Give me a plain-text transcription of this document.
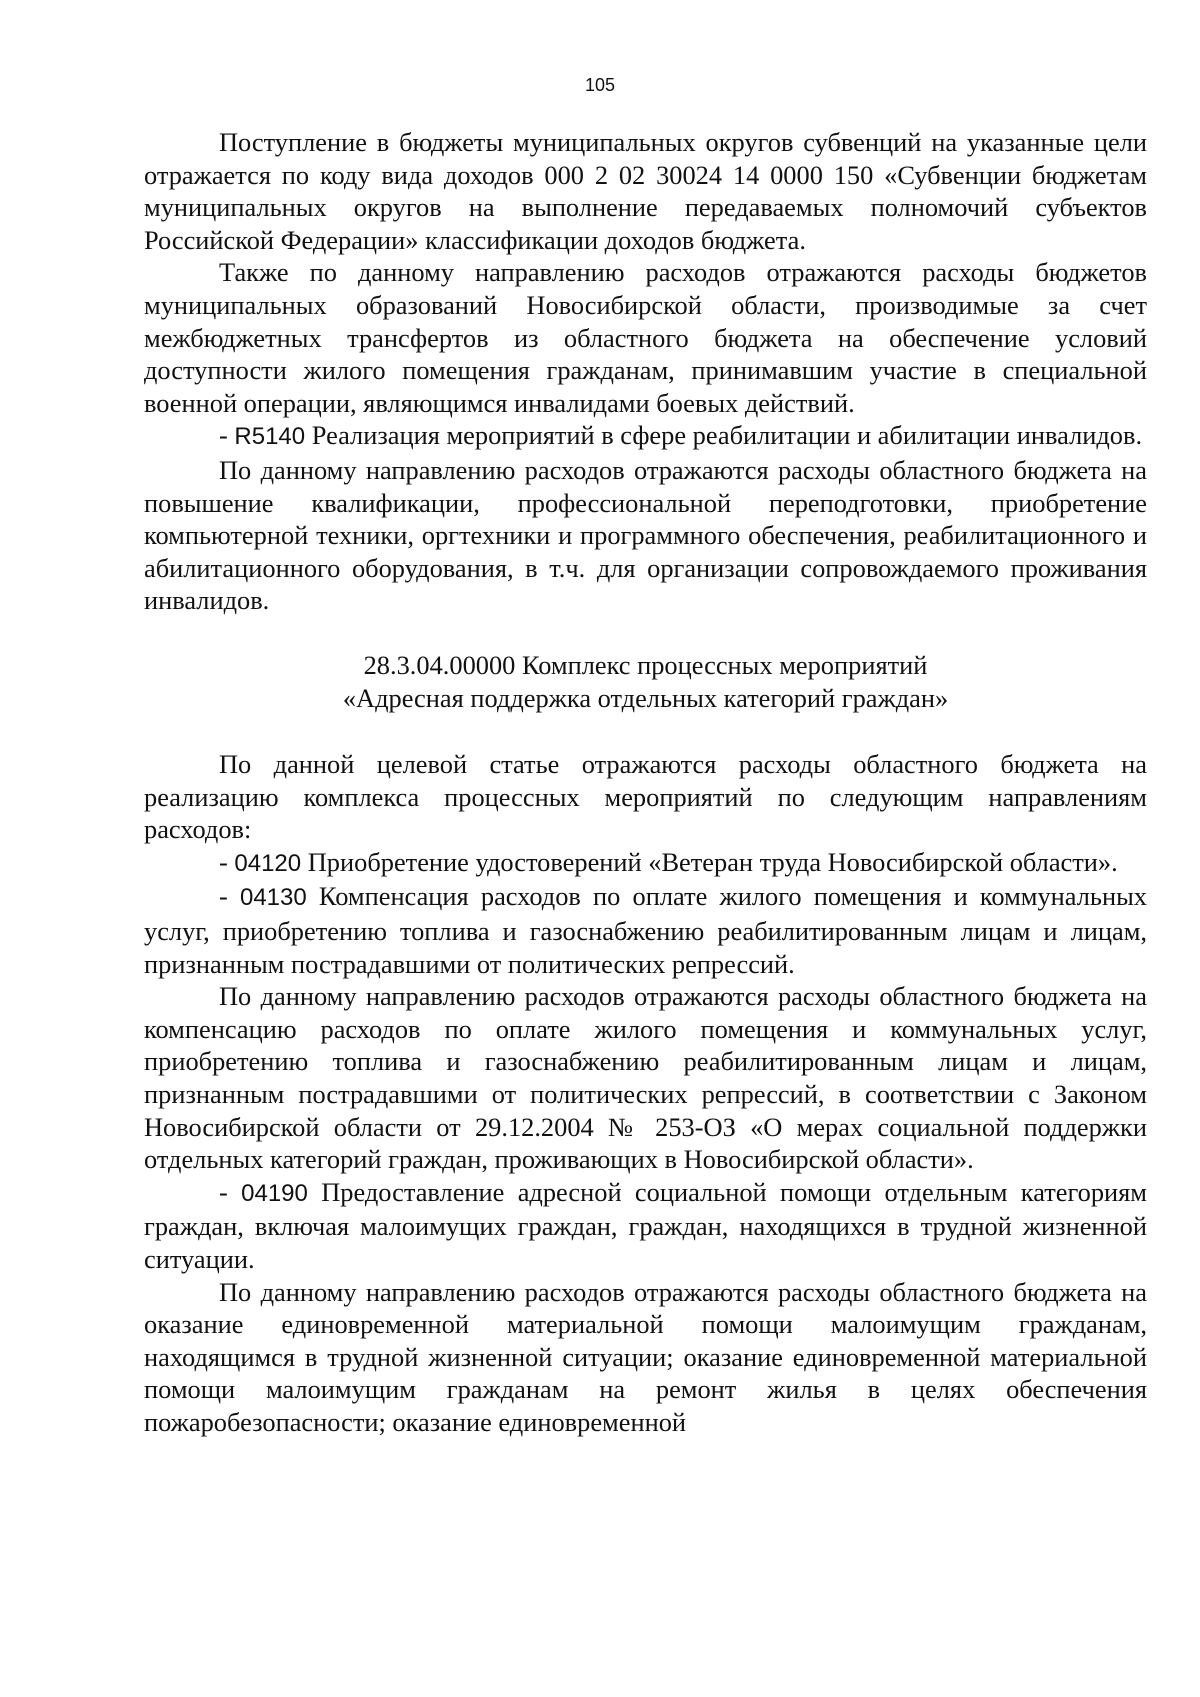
105

Поступление в бюджеты муниципальных округов субвенций на указанные цели отражается по коду вида доходов 000 2 02 30024 14 0000 150 «Субвенции бюджетам муниципальных округов на выполнение передаваемых полномочий субъектов Российской Федерации» классификации доходов бюджета.

Также по данному направлению расходов отражаются расходы бюджетов муниципальных образований Новосибирской области, производимые за счет межбюджетных трансфертов из областного бюджета на обеспечение условий доступности жилого помещения гражданам, принимавшим участие в специальной военной операции, являющимся инвалидами боевых действий.

- R5140 Реализация мероприятий в сфере реабилитации и абилитации инвалидов.

По данному направлению расходов отражаются расходы областного бюджета на повышение квалификации, профессиональной переподготовки, приобретение компьютерной техники, оргтехники и программного обеспечения, реабилитационного и абилитационного оборудования, в т.ч. для организации сопровождаемого проживания инвалидов.

28.3.04.00000 Комплекс процессных мероприятий
«Адресная поддержка отдельных категорий граждан»

По данной целевой статье отражаются расходы областного бюджета на реализацию комплекса процессных мероприятий по следующим направлениям расходов:

- 04120 Приобретение удостоверений «Ветеран труда Новосибирской области».

- 04130 Компенсация расходов по оплате жилого помещения и коммунальных услуг, приобретению топлива и газоснабжению реабилитированным лицам и лицам, признанным пострадавшими от политических репрессий.

По данному направлению расходов отражаются расходы областного бюджета на компенсацию расходов по оплате жилого помещения и коммунальных услуг, приобретению топлива и газоснабжению реабилитированным лицам и лицам, признанным пострадавшими от политических репрессий, в соответствии с Законом Новосибирской области от 29.12.2004 № 253-ОЗ «О мерах социальной поддержки отдельных категорий граждан, проживающих в Новосибирской области».

- 04190 Предоставление адресной социальной помощи отдельным категориям граждан, включая малоимущих граждан, граждан, находящихся в трудной жизненной ситуации.

По данному направлению расходов отражаются расходы областного бюджета на оказание единовременной материальной помощи малоимущим гражданам, находящимся в трудной жизненной ситуации; оказание единовременной материальной помощи малоимущим гражданам на ремонт жилья в целях обеспечения пожаробезопасности; оказание единовременной
